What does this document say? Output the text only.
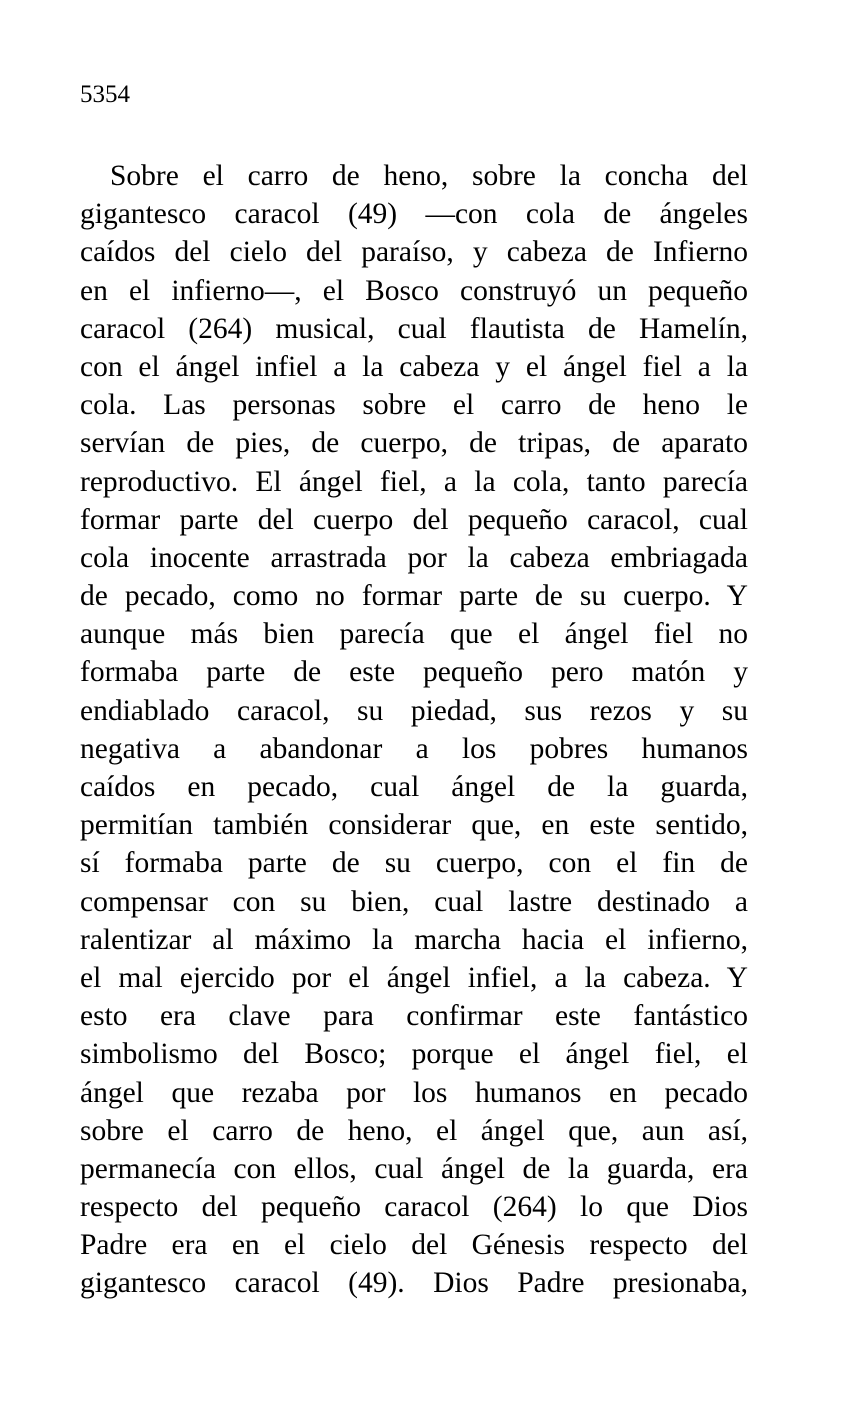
5354

Sobre el carro de heno, sobre la concha del
gigantesco caracol (49) —con cola de ángeles
caídos del cielo del paraíso, y cabeza de Infierno
en el infierno—, el Bosco construyó un pequeño
caracol (264) musical, cual flautista de Hamelín,
con el ángel infiel a la cabeza y el ángel fiel a la
cola. Las personas sobre el carro de heno le
servían de pies, de cuerpo, de tripas, de aparato
reproductivo. El ángel fiel, a la cola, tanto parecía
formar parte del cuerpo del pequeño caracol, cual
cola inocente arrastrada por la cabeza embriagada
de pecado, como no formar parte de su cuerpo. Y
aunque más bien parecía que el ángel fiel no
formaba parte de este pequeño pero matón y
endiablado caracol, su piedad, sus rezos y su
negativa a abandonar a los pobres humanos
caídos en pecado, cual ángel de la guarda,
permitían también considerar que, en este sentido,
sí formaba parte de su cuerpo, con el fin de
compensar con su bien, cual lastre destinado a
ralentizar al máximo la marcha hacia el infierno,
el mal ejercido por el ángel infiel, a la cabeza. Y
esto era clave para confirmar este fantástico
simbolismo del Bosco; porque el ángel fiel, el
ángel que rezaba por los humanos en pecado
sobre el carro de heno, el ángel que, aun así,
permanecía con ellos, cual ángel de la guarda, era
respecto del pequeño caracol (264) lo que Dios
Padre era en el cielo del Génesis respecto del
gigantesco caracol (49). Dios Padre presionaba,
